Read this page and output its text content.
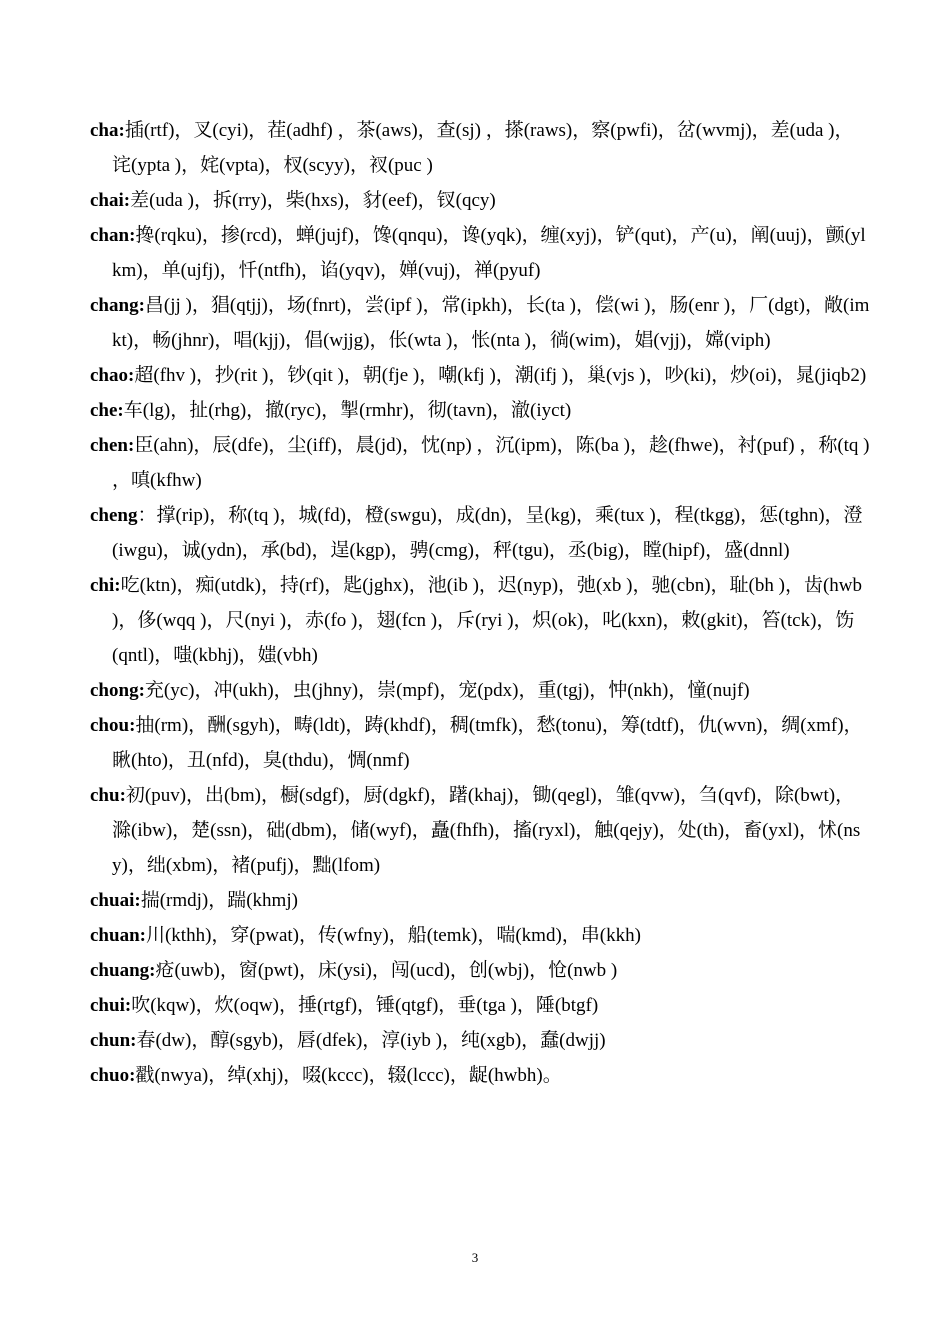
cha:插(rtf)，叉(cyi)，茬(adhf) ，茶(aws)，查(sj) ，搽(raws)，察(pwfi)，岔(wvmj)，差(uda )，诧(ypta )，姹(vpta)，杈(scyy)，衩(puc )

chai:差(uda )，拆(rry)，柴(hxs)，豺(eef)，钗(qcy)

chan:搀(rqku)，掺(rcd)，蝉(jujf)，馋(qnqu)，谗(yqk)，缠(xyj)，铲(qut)，产(u)，阐(uuj)，颤(ylkm)，单(ujfj)，忏(ntfh)，谄(yqv)，婵(vuj)，禅(pyuf)

chang:昌(jj )，猖(qtjj)，场(fnrt)，尝(ipf )，常(ipkh)，长(ta )，偿(wi )，肠(enr )，厂(dgt)，敞(imkt)，畅(jhnr)，唱(kjj)，倡(wjjg)，伥(wta )，怅(nta )，徜(wim)，娼(vjj)，嫦(viph)

chao:超(fhv )，抄(rit )，钞(qit )，朝(fje )，嘲(kfj )，潮(ifj )，巢(vjs )，吵(ki)，炒(oi)，晁(jiqb2)

che:车(lg)，扯(rhg)，撤(ryc)，掣(rmhr)，彻(tavn)，澈(iyct)

chen:臣(ahn)，辰(dfe)，尘(iff)，晨(jd)，忱(np) ，沉(ipm)，陈(ba )，趁(fhwe)，衬(puf) ，称(tq ) ，嗔(kfhw)

cheng：撑(rip)，称(tq )，城(fd)，橙(swgu)，成(dn)，呈(kg)，乘(tux )，程(tkgg)，惩(tghn)，澄(iwgu)，诚(ydn)，承(bd)，逞(kgp)，骋(cmg)，秤(tgu)，丞(big)，瞠(hipf)，盛(dnnl)

chi:吃(ktn)，痴(utdk)，持(rf)，匙(jghx)，池(ib )，迟(nyp)，弛(xb )，驰(cbn)，耻(bh )，齿(hwb )，侈(wqq )，尺(nyi )，赤(fo )，翅(fcn )，斥(ryi )，炽(ok)，叱(kxn)，敕(gkit)，笞(tck)，饬(qntl)，嗤(kbhj)，媸(vbh)

chong:充(yc)，冲(ukh)，虫(jhny)，崇(mpf)，宠(pdx)，重(tgj)，忡(nkh)，憧(nujf)

chou:抽(rm)，酬(sgyh)，畴(ldt)，踌(khdf)，稠(tmfk)，愁(tonu)，筹(tdtf)，仇(wvn)，绸(xmf)，瞅(hto)，丑(nfd)，臭(thdu)，惆(nmf)

chu:初(puv)，出(bm)，橱(sdgf)，厨(dgkf)，躇(khaj)，锄(qegl)，雏(qvw)，刍(qvf)，除(bwt)，滁(ibw)，楚(ssn)，础(dbm)，储(wyf)，矗(fhfh)，搐(ryxl)，触(qejy)，处(th)，畜(yxl)，怵(nsy)，绌(xbm)，褚(pufj)，黜(lfom)

chuai:揣(rmdj)，踹(khmj)

chuan:川(kthh)，穿(pwat)，传(wfny)，船(temk)，喘(kmd)，串(kkh)

chuang:疮(uwb)，窗(pwt)，床(ysi)，闯(ucd)，创(wbj)，怆(nwb )

chui:吹(kqw)，炊(oqw)，捶(rtgf)，锤(qtgf)，垂(tga )，陲(btgf)

chun:春(dw)，醇(sgyb)，唇(dfek)，淳(iyb )，纯(xgb)，蠢(dwjj)

chuo:戳(nwya)，绰(xhj)，啜(kccc)，辍(lccc)，龊(hwbh)。

3
